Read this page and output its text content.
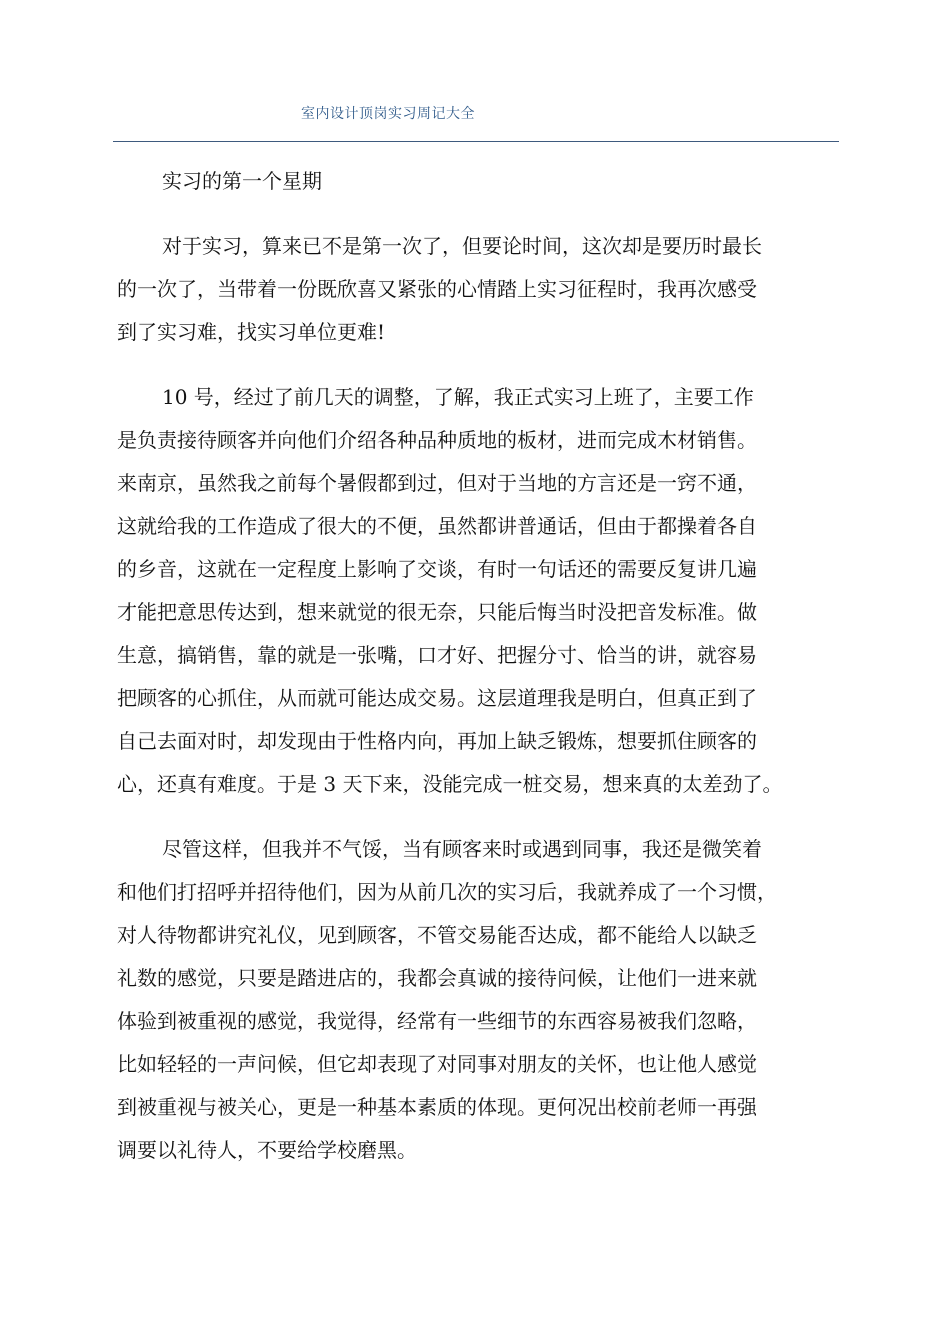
室内设计顶岗实习周记大全
实习的第一个星期

对于实习，算来已不是第一次了，但要论时间，这次却是要历时最长
的一次了，当带着一份既欣喜又紧张的心情踏上实习征程时，我再次感受
到了实习难，找实习单位更难!

10 号，经过了前几天的调整，了解，我正式实习上班了，主要工作
是负责接待顾客并向他们介绍各种品种质地的板材，进而完成木材销售。
来南京，虽然我之前每个暑假都到过，但对于当地的方言还是一窍不通，
这就给我的工作造成了很大的不便，虽然都讲普通话，但由于都操着各自
的乡音，这就在一定程度上影响了交谈，有时一句话还的需要反复讲几遍
才能把意思传达到，想来就觉的很无奈，只能后悔当时没把音发标准。做
生意，搞销售，靠的就是一张嘴，口才好、把握分寸、恰当的讲，就容易
把顾客的心抓住，从而就可能达成交易。这层道理我是明白，但真正到了
自己去面对时，却发现由于性格内向，再加上缺乏锻炼，想要抓住顾客的
心，还真有难度。于是 3 天下来，没能完成一桩交易，想来真的太差劲了。

尽管这样，但我并不气馁，当有顾客来时或遇到同事，我还是微笑着
和他们打招呼并招待他们，因为从前几次的实习后，我就养成了一个习惯，
对人待物都讲究礼仪，见到顾客，不管交易能否达成，都不能给人以缺乏
礼数的感觉，只要是踏进店的，我都会真诚的接待问候，让他们一进来就
体验到被重视的感觉，我觉得，经常有一些细节的东西容易被我们忽略，
比如轻轻的一声问候，但它却表现了对同事对朋友的关怀，也让他人感觉
到被重视与被关心，更是一种基本素质的体现。更何况出校前老师一再强
调要以礼待人，不要给学校磨黑。
